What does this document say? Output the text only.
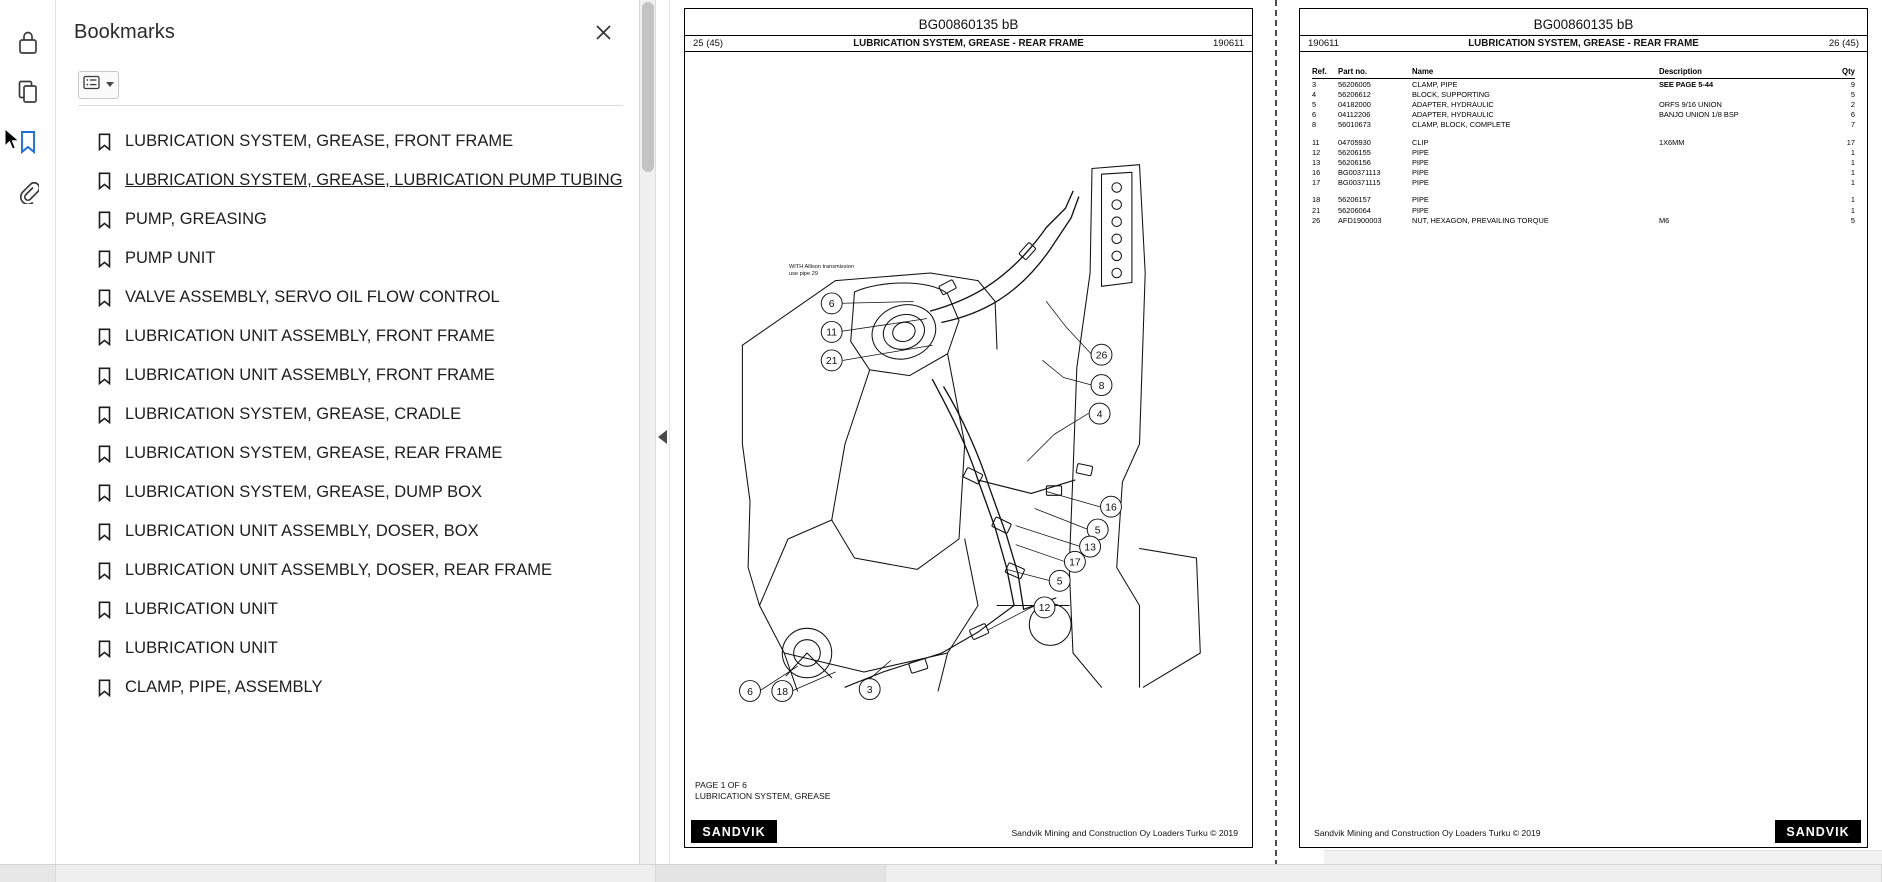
Bookmarks
LUBRICATION SYSTEM, GREASE, FRONT FRAME
LUBRICATION SYSTEM, GREASE, LUBRICATION PUMP TUBING
PUMP, GREASING
PUMP UNIT
VALVE ASSEMBLY, SERVO OIL FLOW CONTROL
LUBRICATION UNIT ASSEMBLY, FRONT FRAME
LUBRICATION UNIT ASSEMBLY, FRONT FRAME
LUBRICATION SYSTEM, GREASE, CRADLE
LUBRICATION SYSTEM, GREASE, REAR FRAME
LUBRICATION SYSTEM, GREASE, DUMP BOX
LUBRICATION UNIT ASSEMBLY, DOSER, BOX
LUBRICATION UNIT ASSEMBLY, DOSER, REAR FRAME
LUBRICATION UNIT
LUBRICATION UNIT
CLAMP, PIPE, ASSEMBLY
BG00860135 bB
25 (45)	LUBRICATION SYSTEM, GREASE - REAR FRAME	190611
6
11
21
26
8
4
16
5
13
17
5
12
6 18	3
WITH Allison transmission
use pipe 29
PAGE 1 OF 6
LUBRICATION SYSTEM, GREASE
Sandvik Mining and Construction Oy Loaders Turku © 2019
SANDVIK
BG00860135 bB
190611	LUBRICATION SYSTEM, GREASE - REAR FRAME	26 (45)
Ref.	Part no.	Name	Description	Qty
3	56206005	CLAMP, PIPE	SEE PAGE 5-44	9
4	56206612	BLOCK, SUPPORTING		5
5	04182000	ADAPTER, HYDRAULIC	ORFS 9/16 UNION	2
6	04112206	ADAPTER, HYDRAULIC	BANJO UNION 1/8 BSP	6
8	56010673	CLAMP, BLOCK, COMPLETE		7

11	04705930	CLIP	1X6MM	17
12	56206155	PIPE		1
13	56206156	PIPE		1
16	BG00371113	PIPE		1
17	BG00371115	PIPE		1

18	56206157	PIPE		1
21	56206064	PIPE		1
26	AFD1900003	NUT, HEXAGON, PREVAILING TORQUE	M6	5
Sandvik Mining and Construction Oy Loaders Turku © 2019	SANDVIK
